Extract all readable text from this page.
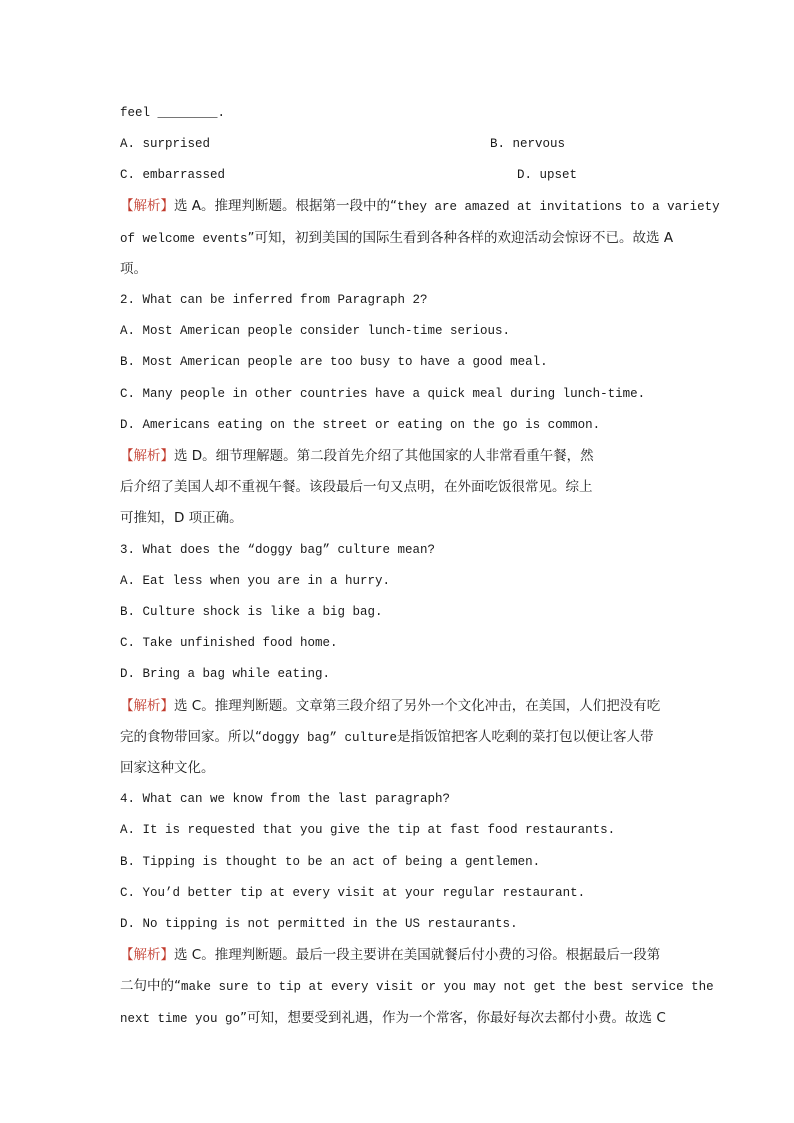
feel ________.
A. surprised	B. nervous
C. embarrassed	D. upset
【解析】选 A。推理判断题。根据第一段中的“they are amazed at invitations to a variety
of welcome events”可知，初到美国的国际生看到各种各样的欢迎活动会惊讶不已。故选 A
项。
2. What can be inferred from Paragraph 2?
A. Most American people consider lunch-time serious.
B. Most American people are too busy to have a good meal.
C. Many people in other countries have a quick meal during lunch-time.
D. Americans eating on the street or eating on the go is common.
【解析】选 D。细节理解题。第二段首先介绍了其他国家的人非常看重午餐，然
后介绍了美国人却不重视午餐。该段最后一句又点明，在外面吃饭很常见。综上
可推知，D 项正确。
3. What does the “doggy bag” culture mean?
A. Eat less when you are in a hurry.
B. Culture shock is like a big bag.
C. Take unfinished food home.
D. Bring a bag while eating.
【解析】选 C。推理判断题。文章第三段介绍了另外一个文化冲击，在美国，人们把没有吃
完的食物带回家。所以“doggy bag” culture是指饭馆把客人吃剩的菜打包以便让客人带
回家这种文化。
4. What can we know from the last paragraph?
A. It is requested that you give the tip at fast food restaurants.
B. Tipping is thought to be an act of being a gentlemen.
C. You’d better tip at every visit at your regular restaurant.
D. No tipping is not permitted in the US restaurants.
【解析】选 C。推理判断题。最后一段主要讲在美国就餐后付小费的习俗。根据最后一段第
二句中的“make sure to tip at every visit or you may not get the best service the
next time you go”可知，想要受到礼遇，作为一个常客，你最好每次去都付小费。故选 C
